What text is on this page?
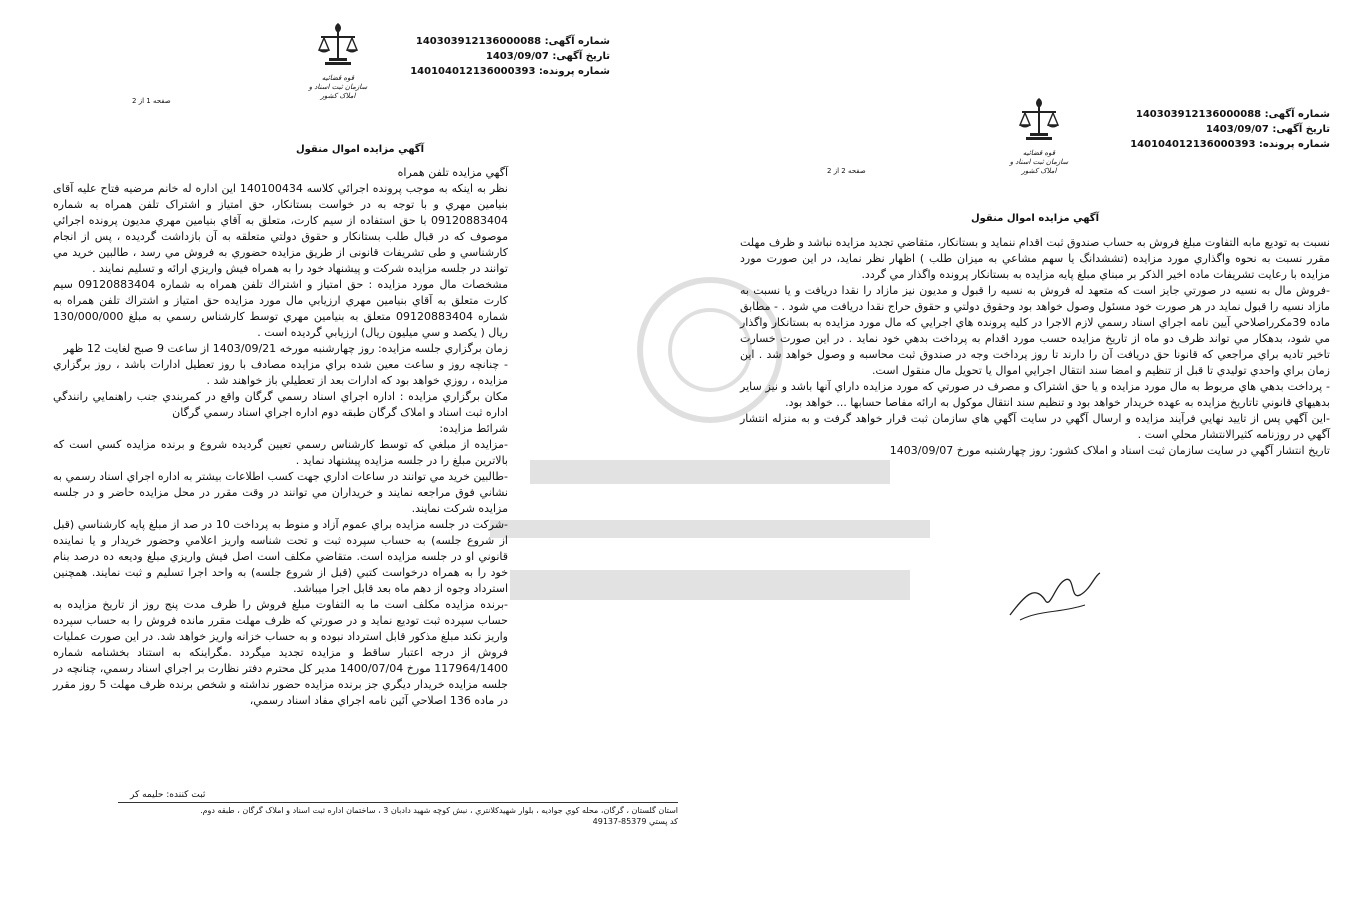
شماره آگهی: 140303912136000088
تاریخ آگهی: 1403/09/07
شماره پرونده: 140104012136000393
قوه قضائیه
سازمان ثبت اسناد و املاک کشور
صفحه 1 از 2
آگهي مزايده اموال منقول

آگهي مزايده تلفن همراه

نظر به اینکه به موجب پرونده اجرائي كلاسه 140100434 این اداره له خانم مرضيه فتاح علیه آقای بنیامین مهري و با توجه به در خواست بستانكار، حق امتیاز و اشتراک تلفن همراه به شماره 09120883404 با حق استفاده از سيم كارت، متعلق به آقاي بنيامين مهري مديون پرونده اجرائي موصوف كه در قبال طلب بستانكار و حقوق دولتي متعلقه به آن بازداشت گرديده ، پس از انجام كارشناسي و طی تشریفات قانونی از طريق مزايده حضوري به فروش مي رسد ، طالبين خريد مي توانند در جلسه مزايده شركت و پيشنهاد خود را به همراه فيش واريزي ارائه و تسليم نمايند .

مشخصات مال مورد مزايده : حق امتياز و اشتراك تلفن همراه به شماره 09120883404 سيم كارت متعلق به آقاي بنيامين مهري ارزيابي مال مورد مزايده حق امتياز و اشتراك تلفن همراه به شماره 09120883404 متعلق به بنيامين مهري توسط كارشناس رسمي به مبلغ 130/000/000 ريال ( يكصد و سي ميليون ريال) ارزيابي گرديده است .

زمان برگزاري جلسه مزايده: روز چهارشنبه مورخه 1403/09/21 از ساعت 9 صبح لغايت 12 ظهر

- چنانچه روز و ساعت معين شده براي مزايده مصادف با روز تعطيل ادارات باشد ، روز برگزاري مزايده ، روزي خواهد بود كه ادارات بعد از تعطيلي باز خواهند شد .

مكان برگزاري مزايده : اداره اجراي اسناد رسمي گرگان واقع در كمربندي جنب راهنمايي رانندگي اداره ثبت اسناد و املاک گرگان طبقه دوم اداره اجراي اسناد رسمي گرگان

شرائط مزايده:

-مزايده از مبلغي كه توسط كارشناس رسمي تعيين گرديده شروع و برنده مزايده كسي است كه بالاترين مبلغ را در جلسه مزايده پيشنهاد نمايد .

-طالبين خريد مي توانند در ساعات اداري جهت كسب اطلاعات بيشتر به اداره اجراي اسناد رسمي به نشاني فوق مراجعه نمايند و خريداران مي توانند در وقت مقرر در محل مزايده حاضر و در جلسه مزايده شركت نمايند.

-شركت در جلسه مزايده براي عموم آزاد و منوط به پرداخت 10 در صد از مبلغ پايه كارشناسي (قبل از شروع جلسه) به حساب سپرده ثبت و تحت شناسه واريز اعلامي وحضور خريدار و يا نماينده قانوني او در جلسه مزايده است. متقاضي مكلف است اصل فيش واريزي مبلغ وديعه ده درصد بنام خود را به همراه درخواست كتبي (قبل از شروع جلسه) به واحد اجرا تسليم و ثبت نمايند. همچنين استرداد وجوه از دهم ماه بعد قابل اجرا ميباشد.

-برنده مزايده مكلف است ما به التفاوت مبلغ فروش را ظرف مدت پنج روز از تاريخ مزايده به حساب سپرده ثبت توديع نمايد و در صورتي كه ظرف مهلت مقرر مانده فروش را به حساب سپرده واريز نكند مبلغ مذكور قابل استرداد نبوده و به حساب خزانه واريز خواهد شد. در اين صورت عمليات فروش از درجه اعتبار ساقط و مزايده تجديد ميگردد .مگراينكه به استناد بخشنامه شماره 117964/1400 مورخ 1400/07/04 مدير كل محترم دفتر نظارت بر اجراي اسناد رسمي، چنانچه در جلسه مزايده خريدار ديگري جز برنده مزايده حضور نداشته و شخص برنده ظرف مهلت 5 روز مقرر در ماده 136 اصلاحي آئين نامه اجراي مفاد اسناد رسمي،

ثبت كننده: حليمه كر
استان گلستان ، گرگان، محله كوي جواديه ، بلوار شهيدكلانتري ، نبش كوچه شهيد دادبان 3 ، ساختمان اداره ثبت اسناد و املاک گرگان ، طبقه دوم.
كد پستي 85379-49137
شماره آگهی: 140303912136000088
تاریخ آگهی: 1403/09/07
شماره پرونده: 140104012136000393
قوه قضائیه
سازمان ثبت اسناد و املاک کشور
صفحه 2 از 2
آگهي مزايده اموال منقول

نسبت به توديع مابه التفاوت مبلغ فروش به حساب صندوق ثبت اقدام ننمايد و بستانكار، متقاضي تجديد مزايده نباشد و ظرف مهلت مقرر نسبت به نحوه واگذاري مورد مزايده (تششدانگ يا سهم مشاعي به ميزان طلب ) اظهار نظر نمايد، در اين صورت مورد مزايده با رعايت تشريفات ماده اخير الذكر بر مبناي مبلغ پايه مزايده به بستانكار پرونده واگذار مي گردد.

-فروش مال به نسيه در صورتي جايز است كه متعهد له فروش به نسيه را قبول و مديون نيز مازاد را نقدا دريافت و يا نسبت به مازاد نسيه را قبول نمايد در هر صورت خود مسئول وصول خواهد بود وحقوق دولتي و حقوق حراج نقدا دريافت مي شود . - مطابق ماده 39مكرراصلاحي آيين نامه اجراي اسناد رسمي لازم الاجرا در كليه پرونده هاي اجرايي كه مال مورد مزايده به بستانكار واگذار مي شود، بدهكار مي تواند ظرف دو ماه از تاريخ مزايده حسب مورد اقدام به پرداخت بدهي خود نمايد . در اين صورت خسارت تاخير تاديه براي مراجعي كه قانونا حق دريافت آن را دارند تا روز پرداخت وجه در صندوق ثبت محاسبه و وصول خواهد شد . اين زمان براي واحدي توليدي تا قبل از تنظيم و امضا سند انتقال اجرايي اموال يا تحويل مال منقول است.

- پرداخت بدهي هاي مربوط به مال مورد مزايده و يا حق اشتراک و مصرف در صورتي كه مورد مزايده داراي آنها باشد و نيز ساير بدهيهاي قانوني تاتاريخ مزايده به عهده خريدار خواهد بود و تنظيم سند انتقال موكول به ارائه مفاصا حسابها ... خواهد بود.

-اين آگهي پس از تاييد نهايي فرآيند مزايده و ارسال آگهي در سايت آگهي هاي سازمان ثبت قرار خواهد گرفت و به منزله انتشار آگهي در روزنامه كثيرالانتشار محلي است .

تاريخ انتشار آگهي در سايت سازمان ثبت اسناد و املاک كشور: روز چهارشنبه مورخ 1403/09/07
